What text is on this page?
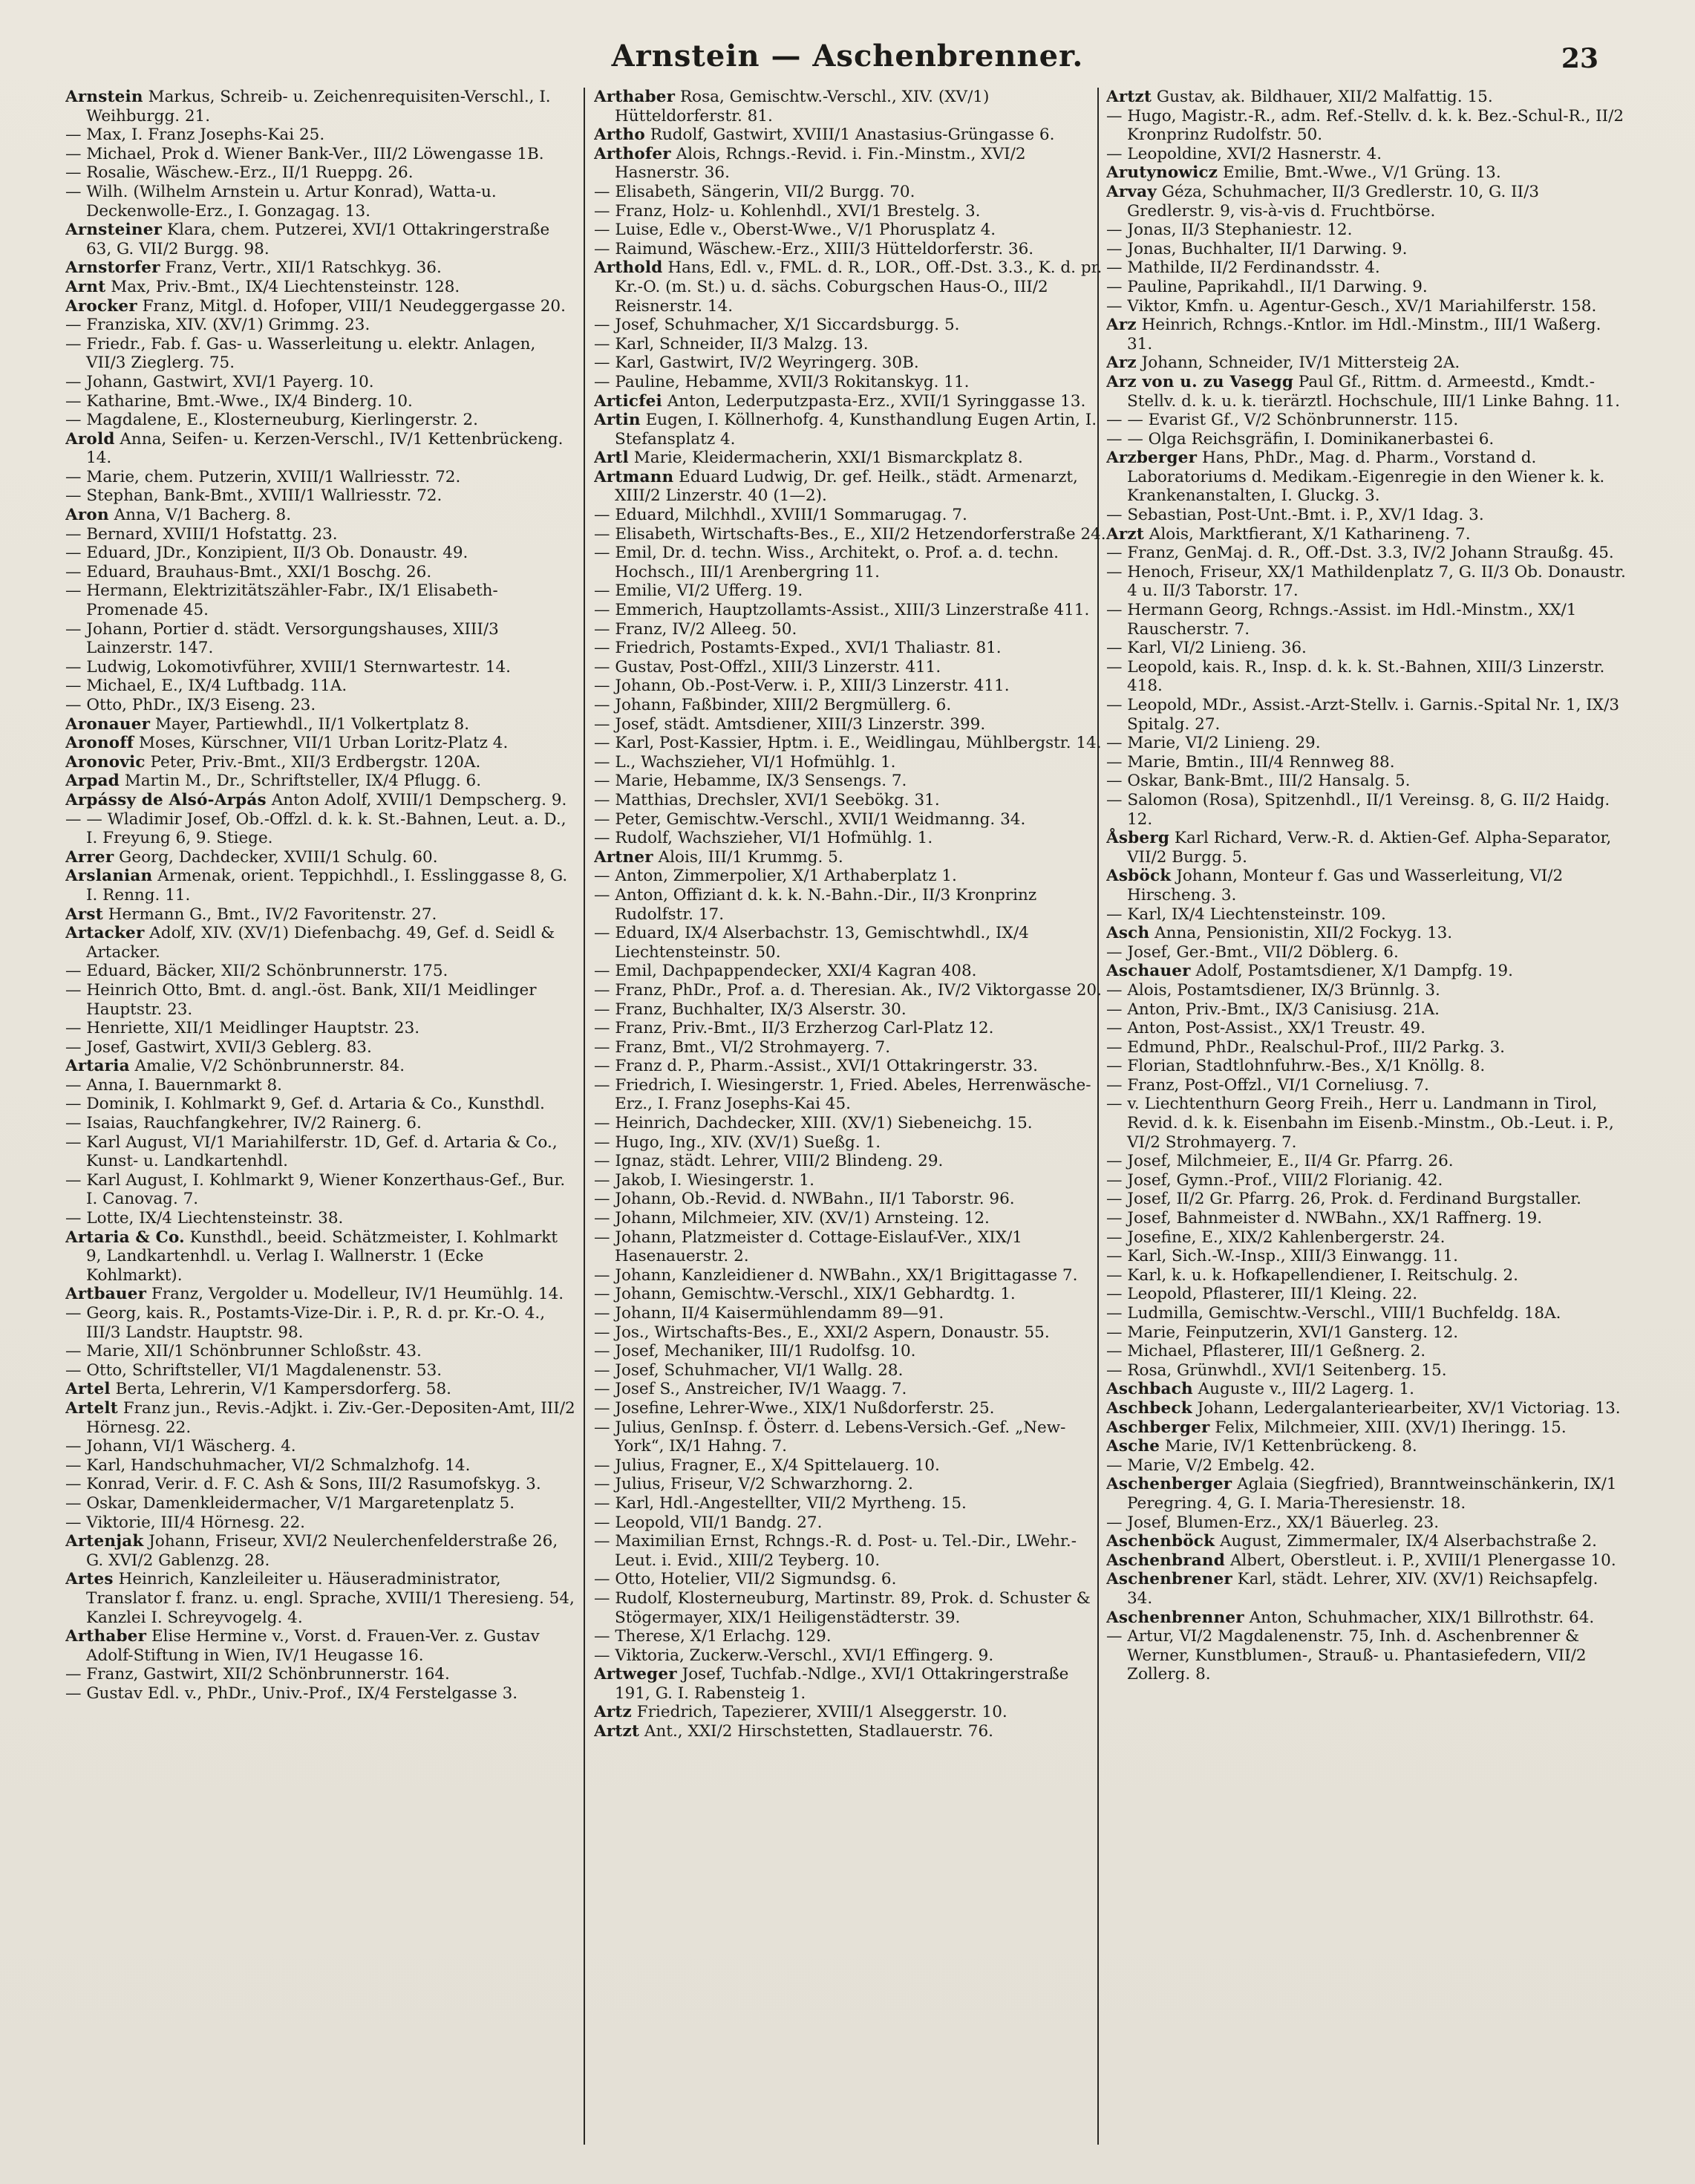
Arnstein — Aschenbrenner.	23

Arnstein Markus, Schreib- u. Zeichenrequisiten-Verschl., I. Weihburgg. 21.

— Max, I. Franz Josephs-Kai 25.

— Michael, Prok d. Wiener Bank-Ver., III/2 Löwengasse 1B.

— Rosalie, Wäschew.-Erz., II/1 Rueppg. 26.

— Wilh. (Wilhelm Arnstein u. Artur Konrad), Watta-u. Deckenwolle-Erz., I. Gonzagag. 13.

Arnsteiner Klara, chem. Putzerei, XVI/1 Ottakringerstraße 63, G. VII/2 Burgg. 98.

Arnstorfer Franz, Vertr., XII/1 Ratschkyg. 36.

Arnt Max, Priv.-Bmt., IX/4 Liechtensteinstr. 128.

Arocker Franz, Mitgl. d. Hofoper, VIII/1 Neudeggergasse 20.

— Franziska, XIV. (XV/1) Grimmg. 23.

— Friedr., Fab. f. Gas- u. Wasserleitung u. elektr. Anlagen, VII/3 Zieglerg. 75.

— Johann, Gastwirt, XVI/1 Payerg. 10.

— Katharine, Bmt.-Wwe., IX/4 Binderg. 10.

— Magdalene, E., Klosterneuburg, Kierlingerstr. 2.

Arold Anna, Seifen- u. Kerzen-Verschl., IV/1 Kettenbrückeng. 14.

— Marie, chem. Putzerin, XVIII/1 Wallriesstr. 72.

— Stephan, Bank-Bmt., XVIII/1 Wallriesstr. 72.

Aron Anna, V/1 Bacherg. 8.

— Bernard, XVIII/1 Hofstattg. 23.

— Eduard, JDr., Konzipient, II/3 Ob. Donaustr. 49.

— Eduard, Brauhaus-Bmt., XXI/1 Boschg. 26.

— Hermann, Elektrizitätszähler-Fabr., IX/1 Elisabeth-Promenade 45.

— Johann, Portier d. städt. Versorgungshauses, XIII/3 Lainzerstr. 147.

— Ludwig, Lokomotivführer, XVIII/1 Sternwartestr. 14.

— Michael, E., IX/4 Luftbadg. 11A.

— Otto, PhDr., IX/3 Eiseng. 23.

Aronauer Mayer, Partiewhdl., II/1 Volkertplatz 8.

Aronoff Moses, Kürschner, VII/1 Urban Loritz-Platz 4.

Aronovic Peter, Priv.-Bmt., XII/3 Erdbergstr. 120A.

Arpad Martin M., Dr., Schriftsteller, IX/4 Pflugg. 6.

Arpássy de Alsó-Arpás Anton Adolf, XVIII/1 Dempscherg. 9.

— — Wladimir Josef, Ob.-Offzl. d. k. k. St.-Bahnen, Leut. a. D., I. Freyung 6, 9. Stiege.

Arrer Georg, Dachdecker, XVIII/1 Schulg. 60.

Arslanian Armenak, orient. Teppichhdl., I. Esslinggasse 8, G. I. Renng. 11.

Arst Hermann G., Bmt., IV/2 Favoritenstr. 27.

Artacker Adolf, XIV. (XV/1) Diefenbachg. 49, Gef. d. Seidl & Artacker.

— Eduard, Bäcker, XII/2 Schönbrunnerstr. 175.

— Heinrich Otto, Bmt. d. angl.-öst. Bank, XII/1 Meidlinger Hauptstr. 23.

— Henriette, XII/1 Meidlinger Hauptstr. 23.

— Josef, Gastwirt, XVII/3 Geblerg. 83.

Artaria Amalie, V/2 Schönbrunnerstr. 84.

— Anna, I. Bauernmarkt 8.

— Dominik, I. Kohlmarkt 9, Gef. d. Artaria & Co., Kunsthdl.

— Isaias, Rauchfangkehrer, IV/2 Rainerg. 6.

— Karl August, VI/1 Mariahilferstr. 1D, Gef. d. Artaria & Co., Kunst- u. Landkartenhdl.

— Karl August, I. Kohlmarkt 9, Wiener Konzerthaus-Gef., Bur. I. Canovag. 7.

— Lotte, IX/4 Liechtensteinstr. 38.

Artaria & Co. Kunsthdl., beeid. Schätzmeister, I. Kohlmarkt 9, Landkartenhdl. u. Verlag I. Wallnerstr. 1 (Ecke Kohlmarkt).

Artbauer Franz, Vergolder u. Modelleur, IV/1 Heumühlg. 14.

— Georg, kais. R., Postamts-Vize-Dir. i. P., R. d. pr. Kr.-O. 4., III/3 Landstr. Hauptstr. 98.

— Marie, XII/1 Schönbrunner Schloßstr. 43.

— Otto, Schriftsteller, VI/1 Magdalenenstr. 53.

Artel Berta, Lehrerin, V/1 Kampersdorferg. 58.

Artelt Franz jun., Revis.-Adjkt. i. Ziv.-Ger.-Depositen-Amt, III/2 Hörnesg. 22.

— Johann, VI/1 Wäscherg. 4.

— Karl, Handschuhmacher, VI/2 Schmalzhofg. 14.

— Konrad, Verir. d. F. C. Ash & Sons, III/2 Rasumofskyg. 3.

— Oskar, Damenkleidermacher, V/1 Margaretenplatz 5.

— Viktorie, III/4 Hörnesg. 22.

Artenjak Johann, Friseur, XVI/2 Neulerchenfelderstraße 26, G. XVI/2 Gablenzg. 28.

Artes Heinrich, Kanzleileiter u. Häuseradministrator, Translator f. franz. u. engl. Sprache, XVIII/1 Theresieng. 54, Kanzlei I. Schreyvogelg. 4.

Arthaber Elise Hermine v., Vorst. d. Frauen-Ver. z. Gustav Adolf-Stiftung in Wien, IV/1 Heugasse 16.

— Franz, Gastwirt, XII/2 Schönbrunnerstr. 164.

— Gustav Edl. v., PhDr., Univ.-Prof., IX/4 Ferstelgasse 3.

Arthaber Rosa, Gemischtw.-Verschl., XIV. (XV/1) Hütteldorferstr. 81.

Artho Rudolf, Gastwirt, XVIII/1 Anastasius-Grüngasse 6.

Arthofer Alois, Rchngs.-Revid. i. Fin.-Minstm., XVI/2 Hasnerstr. 36.

— Elisabeth, Sängerin, VII/2 Burgg. 70.

— Franz, Holz- u. Kohlenhdl., XVI/1 Brestelg. 3.

— Luise, Edle v., Oberst-Wwe., V/1 Phorusplatz 4.

— Raimund, Wäschew.-Erz., XIII/3 Hütteldorferstr. 36.

Arthold Hans, Edl. v., FML. d. R., LOR., Off.-Dst. 3.3., K. d. pr. Kr.-O. (m. St.) u. d. sächs. Coburgschen Haus-O., III/2 Reisnerstr. 14.

— Josef, Schuhmacher, X/1 Siccardsburgg. 5.

— Karl, Schneider, II/3 Malzg. 13.

— Karl, Gastwirt, IV/2 Weyringerg. 30B.

— Pauline, Hebamme, XVII/3 Rokitanskyg. 11.

Articfei Anton, Lederputzpasta-Erz., XVII/1 Syringgasse 13.

Artin Eugen, I. Köllnerhofg. 4, Kunsthandlung Eugen Artin, I. Stefansplatz 4.

Artl Marie, Kleidermacherin, XXI/1 Bismarckplatz 8.

Artmann Eduard Ludwig, Dr. gef. Heilk., städt. Armenarzt, XIII/2 Linzerstr. 40 (1—2).

— Eduard, Milchhdl., XVIII/1 Sommarugag. 7.

— Elisabeth, Wirtschafts-Bes., E., XII/2 Hetzendorferstraße 24.

— Emil, Dr. d. techn. Wiss., Architekt, o. Prof. a. d. techn. Hochsch., III/1 Arenbergring 11.

— Emilie, VI/2 Ufferg. 19.

— Emmerich, Hauptzollamts-Assist., XIII/3 Linzerstraße 411.

— Franz, IV/2 Alleeg. 50.

— Friedrich, Postamts-Exped., XVI/1 Thaliastr. 81.

— Gustav, Post-Offzl., XIII/3 Linzerstr. 411.

— Johann, Ob.-Post-Verw. i. P., XIII/3 Linzerstr. 411.

— Johann, Faßbinder, XIII/2 Bergmüllerg. 6.

— Josef, städt. Amtsdiener, XIII/3 Linzerstr. 399.

— Karl, Post-Kassier, Hptm. i. E., Weidlingau, Mühlbergstr. 14.

— L., Wachszieher, VI/1 Hofmühlg. 1.

— Marie, Hebamme, IX/3 Sensengs. 7.

— Matthias, Drechsler, XVI/1 Seebökg. 31.

— Peter, Gemischtw.-Verschl., XVII/1 Weidmanng. 34.

— Rudolf, Wachszieher, VI/1 Hofmühlg. 1.

Artner Alois, III/1 Krummg. 5.

— Anton, Zimmerpolier, X/1 Arthaberplatz 1.

— Anton, Offiziant d. k. k. N.-Bahn.-Dir., II/3 Kronprinz Rudolfstr. 17.

— Eduard, IX/4 Alserbachstr. 13, Gemischtwhdl., IX/4 Liechtensteinstr. 50.

— Emil, Dachpappendecker, XXI/4 Kagran 408.

— Franz, PhDr., Prof. a. d. Theresian. Ak., IV/2 Viktorgasse 20.

— Franz, Buchhalter, IX/3 Alserstr. 30.

— Franz, Priv.-Bmt., II/3 Erzherzog Carl-Platz 12.

— Franz, Bmt., VI/2 Strohmayerg. 7.

— Franz d. P., Pharm.-Assist., XVI/1 Ottakringerstr. 33.

— Friedrich, I. Wiesingerstr. 1, Fried. Abeles, Herrenwäsche-Erz., I. Franz Josephs-Kai 45.

— Heinrich, Dachdecker, XIII. (XV/1) Siebeneichg. 15.

— Hugo, Ing., XIV. (XV/1) Sueßg. 1.

— Ignaz, städt. Lehrer, VIII/2 Blindeng. 29.

— Jakob, I. Wiesingerstr. 1.

— Johann, Ob.-Revid. d. NWBahn., II/1 Taborstr. 96.

— Johann, Milchmeier, XIV. (XV/1) Arnsteing. 12.

— Johann, Platzmeister d. Cottage-Eislauf-Ver., XIX/1 Hasenauerstr. 2.

— Johann, Kanzleidiener d. NWBahn., XX/1 Brigittagasse 7.

— Johann, Gemischtw.-Verschl., XIX/1 Gebhardtg. 1.

— Johann, II/4 Kaisermühlendamm 89—91.

— Jos., Wirtschafts-Bes., E., XXI/2 Aspern, Donaustr. 55.

— Josef, Mechaniker, III/1 Rudolfsg. 10.

— Josef, Schuhmacher, VI/1 Wallg. 28.

— Josef S., Anstreicher, IV/1 Waagg. 7.

— Josefine, Lehrer-Wwe., XIX/1 Nußdorferstr. 25.

— Julius, GenInsp. f. Österr. d. Lebens-Versich.-Gef. „New-York“, IX/1 Hahng. 7.

— Julius, Fragner, E., X/4 Spittelauerg. 10.

— Julius, Friseur, V/2 Schwarzhorng. 2.

— Karl, Hdl.-Angestellter, VII/2 Myrtheng. 15.

— Leopold, VII/1 Bandg. 27.

— Maximilian Ernst, Rchngs.-R. d. Post- u. Tel.-Dir., LWehr.-Leut. i. Evid., XIII/2 Teyberg. 10.

— Otto, Hotelier, VII/2 Sigmundsg. 6.

— Rudolf, Klosterneuburg, Martinstr. 89, Prok. d. Schuster & Stögermayer, XIX/1 Heiligenstädterstr. 39.

— Therese, X/1 Erlachg. 129.

— Viktoria, Zuckerw.-Verschl., XVI/1 Effingerg. 9.

Artweger Josef, Tuchfab.-Ndlge., XVI/1 Ottakringerstraße 191, G. I. Rabensteig 1.

Artz Friedrich, Tapezierer, XVIII/1 Alseggerstr. 10.

Artzt Ant., XXI/2 Hirschstetten, Stadlauerstr. 76.

Artzt Gustav, ak. Bildhauer, XII/2 Malfattig. 15.

— Hugo, Magistr.-R., adm. Ref.-Stellv. d. k. k. Bez.-Schul-R., II/2 Kronprinz Rudolfstr. 50.

— Leopoldine, XVI/2 Hasnerstr. 4.

Arutynowicz Emilie, Bmt.-Wwe., V/1 Grüng. 13.

Arvay Géza, Schuhmacher, II/3 Gredlerstr. 10, G. II/3 Gredlerstr. 9, vis-à-vis d. Fruchtbörse.

— Jonas, II/3 Stephaniestr. 12.

— Jonas, Buchhalter, II/1 Darwing. 9.

— Mathilde, II/2 Ferdinandsstr. 4.

— Pauline, Paprikahdl., II/1 Darwing. 9.

— Viktor, Kmfn. u. Agentur-Gesch., XV/1 Mariahilferstr. 158.

Arz Heinrich, Rchngs.-Kntlor. im Hdl.-Minstm., III/1 Waßerg. 31.

Arz Johann, Schneider, IV/1 Mittersteig 2A.

Arz von u. zu Vasegg Paul Gf., Rittm. d. Armeestd., Kmdt.-Stellv. d. k. u. k. tierärztl. Hochschule, III/1 Linke Bahng. 11.

— — Evarist Gf., V/2 Schönbrunnerstr. 115.

— — Olga Reichsgräfin, I. Dominikanerbastei 6.

Arzberger Hans, PhDr., Mag. d. Pharm., Vorstand d. Laboratoriums d. Medikam.-Eigenregie in den Wiener k. k. Krankenanstalten, I. Gluckg. 3.

— Sebastian, Post-Unt.-Bmt. i. P., XV/1 Idag. 3.

Arzt Alois, Marktfierant, X/1 Katharineng. 7.

— Franz, GenMaj. d. R., Off.-Dst. 3.3, IV/2 Johann Straußg. 45.

— Henoch, Friseur, XX/1 Mathildenplatz 7, G. II/3 Ob. Donaustr. 4 u. II/3 Taborstr. 17.

— Hermann Georg, Rchngs.-Assist. im Hdl.-Minstm., XX/1 Rauscherstr. 7.

— Karl, VI/2 Linieng. 36.

— Leopold, kais. R., Insp. d. k. k. St.-Bahnen, XIII/3 Linzerstr. 418.

— Leopold, MDr., Assist.-Arzt-Stellv. i. Garnis.-Spital Nr. 1, IX/3 Spitalg. 27.

— Marie, VI/2 Linieng. 29.

— Marie, Bmtin., III/4 Rennweg 88.

— Oskar, Bank-Bmt., III/2 Hansalg. 5.

— Salomon (Rosa), Spitzenhdl., II/1 Vereinsg. 8, G. II/2 Haidg. 12.

Åsberg Karl Richard, Verw.-R. d. Aktien-Gef. Alpha-Separator, VII/2 Burgg. 5.

Asböck Johann, Monteur f. Gas und Wasserleitung, VI/2 Hirscheng. 3.

— Karl, IX/4 Liechtensteinstr. 109.

Asch Anna, Pensionistin, XII/2 Fockyg. 13.

— Josef, Ger.-Bmt., VII/2 Döblerg. 6.

Aschauer Adolf, Postamtsdiener, X/1 Dampfg. 19.

— Alois, Postamtsdiener, IX/3 Brünnlg. 3.

— Anton, Priv.-Bmt., IX/3 Canisiusg. 21A.

— Anton, Post-Assist., XX/1 Treustr. 49.

— Edmund, PhDr., Realschul-Prof., III/2 Parkg. 3.

— Florian, Stadtlohnfuhrw.-Bes., X/1 Knöllg. 8.

— Franz, Post-Offzl., VI/1 Corneliusg. 7.

— v. Liechtenthurn Georg Freih., Herr u. Landmann in Tirol, Revid. d. k. k. Eisenbahn im Eisenb.-Minstm., Ob.-Leut. i. P., VI/2 Strohmayerg. 7.

— Josef, Milchmeier, E., II/4 Gr. Pfarrg. 26.

— Josef, Gymn.-Prof., VIII/2 Florianig. 42.

— Josef, II/2 Gr. Pfarrg. 26, Prok. d. Ferdinand Burgstaller.

— Josef, Bahnmeister d. NWBahn., XX/1 Raffnerg. 19.

— Josefine, E., XIX/2 Kahlenbergerstr. 24.

— Karl, Sich.-W.-Insp., XIII/3 Einwangg. 11.

— Karl, k. u. k. Hofkapellendiener, I. Reitschulg. 2.

— Leopold, Pflasterer, III/1 Kleing. 22.

— Ludmilla, Gemischtw.-Verschl., VIII/1 Buchfeldg. 18A.

— Marie, Feinputzerin, XVI/1 Gansterg. 12.

— Michael, Pflasterer, III/1 Geßnerg. 2.

— Rosa, Grünwhdl., XVI/1 Seitenberg. 15.

Aschbach Auguste v., III/2 Lagerg. 1.

Aschbeck Johann, Ledergalanteriearbeiter, XV/1 Victoriag. 13.

Aschberger Felix, Milchmeier, XIII. (XV/1) Iheringg. 15.

Asche Marie, IV/1 Kettenbrückeng. 8.

— Marie, V/2 Embelg. 42.

Aschenberger Aglaia (Siegfried), Branntweinschänkerin, IX/1 Peregring. 4, G. I. Maria-Theresienstr. 18.

— Josef, Blumen-Erz., XX/1 Bäuerleg. 23.

Aschenböck August, Zimmermaler, IX/4 Alserbachstraße 2.

Aschenbrand Albert, Oberstleut. i. P., XVIII/1 Plenergasse 10.

Aschenbrener Karl, städt. Lehrer, XIV. (XV/1) Reichsapfelg. 34.

Aschenbrenner Anton, Schuhmacher, XIX/1 Billrothstr. 64.

— Artur, VI/2 Magdalenenstr. 75, Inh. d. Aschenbrenner & Werner, Kunstblumen-, Strauß- u. Phantasiefedern, VII/2 Zollerg. 8.
